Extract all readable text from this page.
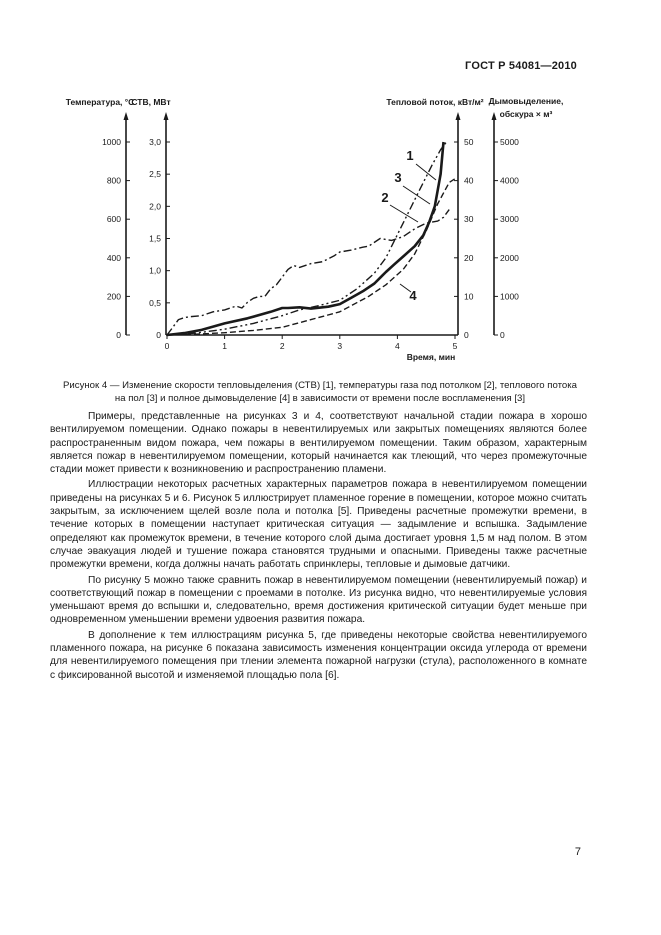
ГОСТ Р 54081—2010
0
200
400
600
800
1000
Температура, °С
0
0,5
1,0
1,5
2,0
2,5
3,0
СТВ, МВт
0
10
20
30
40
50
Тепловой поток, кВт/м²
0
1000
2000
3000
4000
5000
Дымовыделение,
обскура × м³
0	1	2	3	4	5
Время, мин
1
2
3
4
Рисунок 4 — Изменение скорости тепловыделения (СТВ) [1], температуры газа под потолком [2], теплового потока
на пол [3] и полное дымовыделение [4] в зависимости от времени после воспламенения [3]

Примеры, представленные на рисунках 3 и 4, соответствуют начальной стадии пожара в хорошо вентилируемом помещении. Однако пожары в невентилируемых или закрытых помещениях являются более распространенным видом пожара, чем пожары в вентилируемом помещении. Таким образом, характерным является пожар в невентилируемом помещении, который начинается как тлеющий, что через промежуточные стадии может привести к возникновению и распространению пламени.

Иллюстрации некоторых расчетных характерных параметров пожара в невентилируемом помещении приведены на рисунках 5 и 6. Рисунок 5 иллюстрирует пламенное горение в помещении, которое можно считать закрытым, за исключением щелей возле пола и потолка [5]. Приведены расчетные промежутки времени, в течение которых в помещении наступает критическая ситуация — задымление и вспышка. Задымление определяют как промежуток времени, в течение которого слой дыма достигает уровня 1,5 м над полом. В этом случае эвакуация людей и тушение пожара становятся трудными и опасными. Приведены также расчетные промежутки времени, когда должны начать работать спринклеры, тепловые и дымовые датчики.

По рисунку 5 можно также сравнить пожар в невентилируемом помещении (невентилируемый пожар) и соответствующий пожар в помещении с проемами в потолке. Из рисунка видно, что невентилируемые условия уменьшают время до вспышки и, следовательно, время достижения критической ситуации будет меньше при одновременном уменьшении времени удвоения развития пожара.

В дополнение к тем иллюстрациям рисунка 5, где приведены некоторые свойства невентилируемого пламенного пожара, на рисунке 6 показана зависимость изменения концентрации оксида углерода от времени для невентилируемого помещения при тлении элемента пожарной нагрузки (стула), расположенного в комнате с фиксированной высотой и изменяемой площадью пола [6].

7
